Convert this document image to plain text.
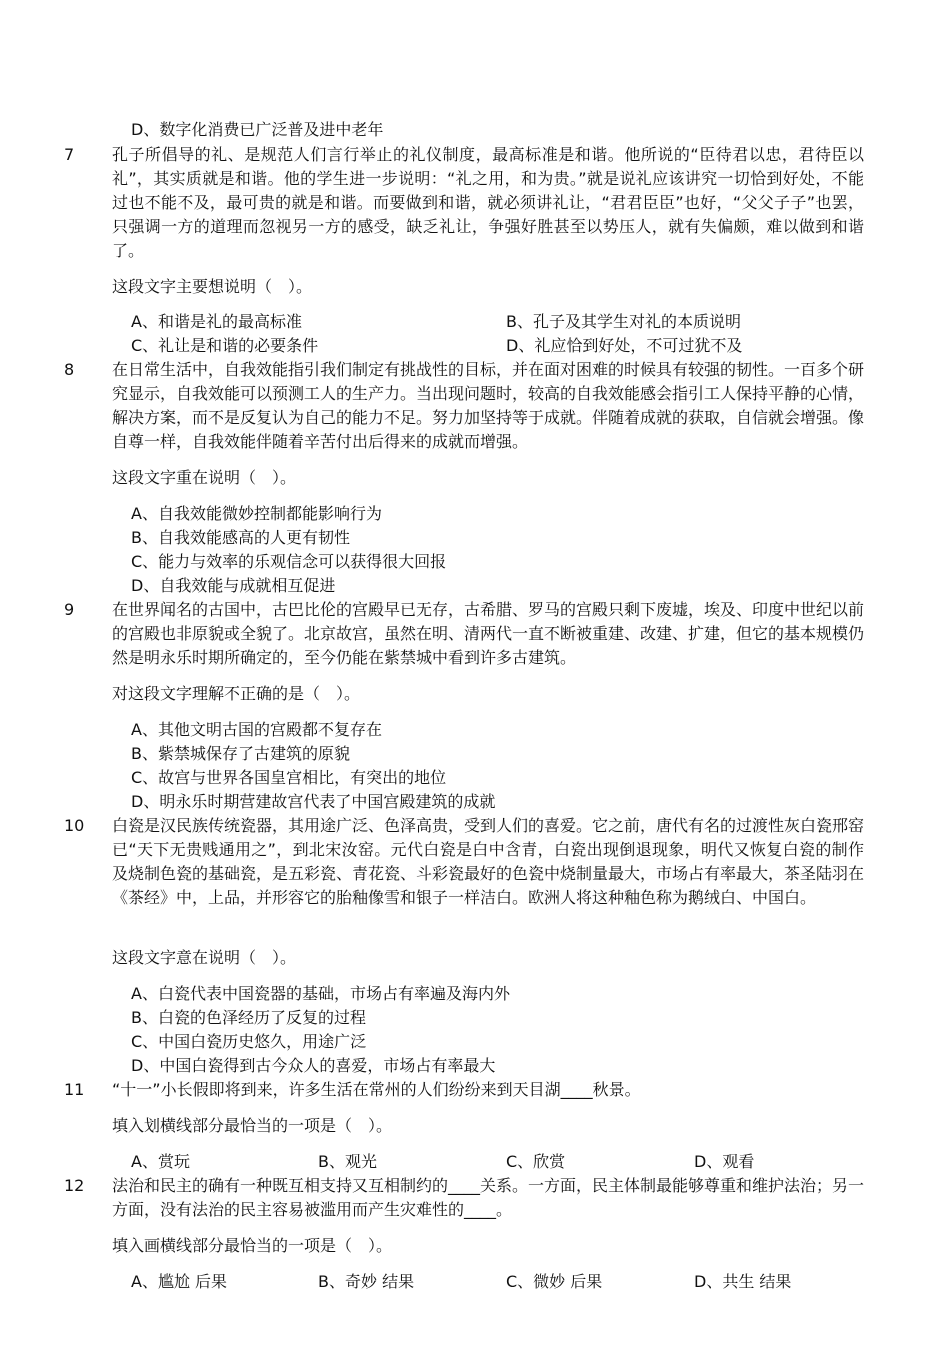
D、数字化消费已广泛普及进中老年
7 孔子所倡导的礼、是规范人们言行举止的礼仪制度，最高标准是和谐。他所说的“臣待君以忠，君待臣以礼”，其实质就是和谐。他的学生进一步说明：“礼之用，和为贵。”就是说礼应该讲究一切恰到好处，不能过也不能不及，最可贵的就是和谐。而要做到和谐，就必须讲礼让，“君君臣臣”也好，“父父子子”也罢，只强调一方的道理而忽视另一方的感受，缺乏礼让，争强好胜甚至以势压人，就有失偏颇，难以做到和谐了。
这段文字主要想说明（　）。
A、和谐是礼的最高标准	B、孔子及其学生对礼的本质说明
C、礼让是和谐的必要条件	D、礼应恰到好处，不可过犹不及
8 在日常生活中，自我效能指引我们制定有挑战性的目标，并在面对困难的时候具有较强的韧性。一百多个研究显示，自我效能可以预测工人的生产力。当出现问题时，较高的自我效能感会指引工人保持平静的心情，解决方案，而不是反复认为自己的能力不足。努力加坚持等于成就。伴随着成就的获取，自信就会增强。像自尊一样，自我效能伴随着辛苦付出后得来的成就而增强。
这段文字重在说明（　）。
A、自我效能微妙控制都能影响行为
B、自我效能感高的人更有韧性
C、能力与效率的乐观信念可以获得很大回报
D、自我效能与成就相互促进
9 在世界闻名的古国中，古巴比伦的宫殿早已无存，古希腊、罗马的宫殿只剩下废墟，埃及、印度中世纪以前的宫殿也非原貌或全貌了。北京故宫，虽然在明、清两代一直不断被重建、改建、扩建，但它的基本规模仍然是明永乐时期所确定的，至今仍能在紫禁城中看到许多古建筑。
对这段文字理解不正确的是（　）。
A、其他文明古国的宫殿都不复存在
B、紫禁城保存了古建筑的原貌
C、故宫与世界各国皇宫相比，有突出的地位
D、明永乐时期营建故宫代表了中国宫殿建筑的成就
10 白瓷是汉民族传统瓷器，其用途广泛、色泽高贵，受到人们的喜爱。它之前，唐代有名的过渡性灰白瓷邢窑已“天下无贵贱通用之”，到北宋汝窑。元代白瓷是白中含青，白瓷出现倒退现象，明代又恢复白瓷的制作及烧制色瓷的基础瓷，是五彩瓷、青花瓷、斗彩瓷最好的色瓷中烧制量最大，市场占有率最大，茶圣陆羽在《茶经》中，上品，并形容它的胎釉像雪和银子一样洁白。欧洲人将这种釉色称为鹅绒白、中国白。
这段文字意在说明（　）。
A、白瓷代表中国瓷器的基础，市场占有率遍及海内外
B、白瓷的色泽经历了反复的过程
C、中国白瓷历史悠久，用途广泛
D、中国白瓷得到古今众人的喜爱，市场占有率最大
11 “十一”小长假即将到来，许多生活在常州的人们纷纷来到天目湖____秋景。
填入划横线部分最恰当的一项是（　）。
A、赏玩	B、观光	C、欣赏	D、观看
12 法治和民主的确有一种既互相支持又互相制约的____关系。一方面，民主体制最能够尊重和维护法治；另一方面，没有法治的民主容易被滥用而产生灾难性的____。
填入画横线部分最恰当的一项是（　）。
A、尴尬 后果	B、奇妙 结果	C、微妙 后果	D、共生 结果
